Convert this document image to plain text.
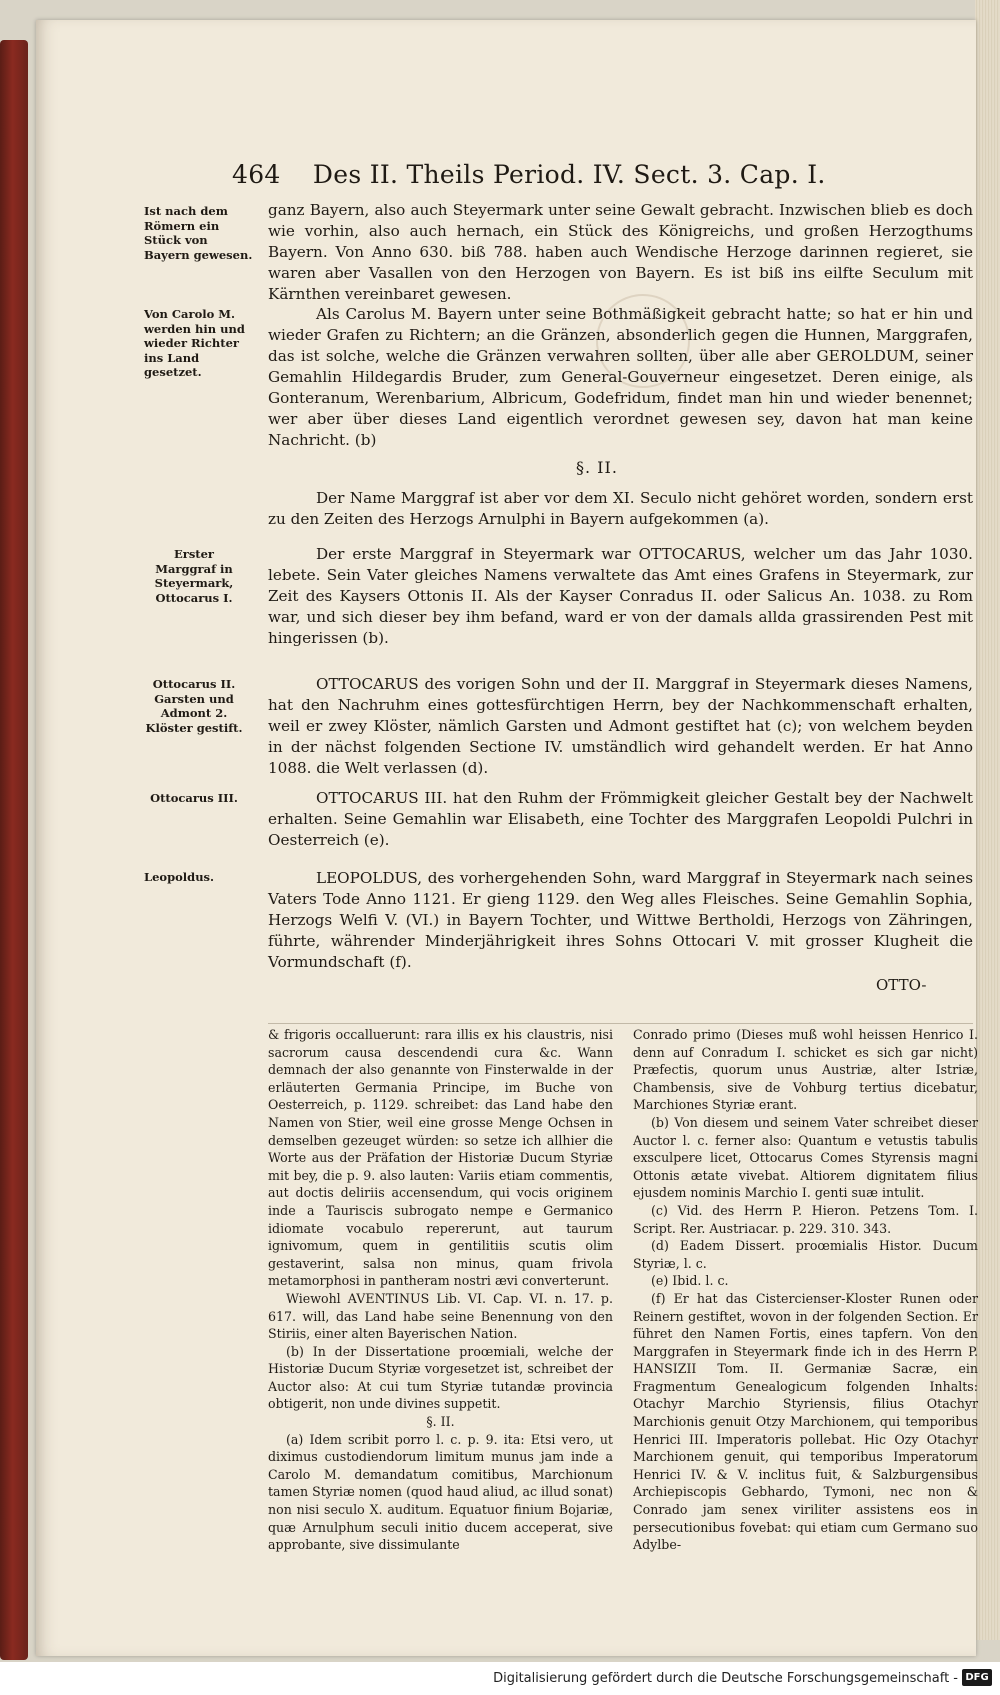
464 Des II. Theils Period. IV. Sect. 3. Cap. I.
Ist nach dem Römern ein Stück von Bayern gewesen.
Von Carolo M. werden hin und wieder Richter ins Land gesetzet.
Erster Marggraf in Steyermark, Ottocarus I.
Ottocarus II. Garsten und Admont 2. Klöster gestift.
Ottocarus III.
Leopoldus.
ganz Bayern, also auch Steyermark unter seine Gewalt gebracht. Inzwischen blieb es doch wie vorhin, also auch hernach, ein Stück des Königreichs, und großen Herzogthums Bayern. Von Anno 630. biß 788. haben auch Wendische Herzoge darinnen regieret, sie waren aber Vasallen von den Herzogen von Bayern. Es ist biß ins eilfte Seculum mit Kärnthen vereinbaret gewesen.
Als Carolus M. Bayern unter seine Bothmäßigkeit gebracht hatte; so hat er hin und wieder Grafen zu Richtern; an die Gränzen, absonderlich gegen die Hunnen, Marggrafen, das ist solche, welche die Gränzen verwahren sollten, über alle aber GEROLDUM, seiner Gemahlin Hildegardis Bruder, zum General-Gouverneur eingesetzet. Deren einige, als Gonteranum, Werenbarium, Albricum, Godefridum, findet man hin und wieder benennet; wer aber über dieses Land eigentlich verordnet gewesen sey, davon hat man keine Nachricht. (b)
§. II.
Der Name Marggraf ist aber vor dem XI. Seculo nicht gehöret worden, sondern erst zu den Zeiten des Herzogs Arnulphi in Bayern aufgekommen (a).
Der erste Marggraf in Steyermark war OTTOCARUS, welcher um das Jahr 1030. lebete. Sein Vater gleiches Namens verwaltete das Amt eines Grafens in Steyermark, zur Zeit des Kaysers Ottonis II. Als der Kayser Conradus II. oder Salicus An. 1038. zu Rom war, und sich dieser bey ihm befand, ward er von der damals allda grassirenden Pest mit hingerissen (b).
OTTOCARUS des vorigen Sohn und der II. Marggraf in Steyermark dieses Namens, hat den Nachruhm eines gottesfürchtigen Herrn, bey der Nachkommenschaft erhalten, weil er zwey Klöster, nämlich Garsten und Admont gestiftet hat (c); von welchem beyden in der nächst folgenden Sectione IV. umständlich wird gehandelt werden. Er hat Anno 1088. die Welt verlassen (d).
OTTOCARUS III. hat den Ruhm der Frömmigkeit gleicher Gestalt bey der Nachwelt erhalten. Seine Gemahlin war Elisabeth, eine Tochter des Marggrafen Leopoldi Pulchri in Oesterreich (e).
LEOPOLDUS, des vorhergehenden Sohn, ward Marggraf in Steyermark nach seines Vaters Tode Anno 1121. Er gieng 1129. den Weg alles Fleisches. Seine Gemahlin Sophia, Herzogs Welfi V. (VI.) in Bayern Tochter, und Wittwe Bertholdi, Herzogs von Zähringen, führte, währender Minderjährigkeit ihres Sohns Ottocari V. mit grosser Klugheit die Vormundschaft (f).
OTTO-

& frigoris occalluerunt: rara illis ex his claustris, nisi sacrorum causa descendendi cura &c. Wann demnach der also genannte von Finsterwalde in der erläuterten Germania Principe, im Buche von Oesterreich, p. 1129. schreibet: das Land habe den Namen von Stier, weil eine grosse Menge Ochsen in demselben gezeuget würden: so setze ich allhier die Worte aus der Präfation der Historiæ Ducum Styriæ mit bey, die p. 9. also lauten: Variis etiam commentis, aut doctis deliriis accensendum, qui vocis originem inde a Tauriscis subrogato nempe e Germanico idiomate vocabulo repererunt, aut taurum ignivomum, quem in gentilitiis scutis olim gestaverint, salsa non minus, quam frivola metamorphosi in pantheram nostri ævi converterunt.

Wiewohl AVENTINUS Lib. VI. Cap. VI. n. 17. p. 617. will, das Land habe seine Benennung von den Stiriis, einer alten Bayerischen Nation.

(b) In der Dissertatione proœmiali, welche der Historiæ Ducum Styriæ vorgesetzet ist, schreibet der Auctor also: At cui tum Styriæ tutandæ provincia obtigerit, non unde divines suppetit.

§. II.

(a) Idem scribit porro l. c. p. 9. ita: Etsi vero, ut diximus custodiendorum limitum munus jam inde a Carolo M. demandatum comitibus, Marchionum tamen Styriæ nomen (quod haud aliud, ac illud sonat) non nisi seculo X. auditum. Equatuor finium Bojariæ, quæ Arnulphum seculi initio ducem acceperat, sive approbante, sive dissimulante

Conrado primo (Dieses muß wohl heissen Henrico I. denn auf Conradum I. schicket es sich gar nicht) Præfectis, quorum unus Austriæ, alter Istriæ, Chambensis, sive de Vohburg tertius dicebatur, Marchiones Styriæ erant.

(b) Von diesem und seinem Vater schreibet dieser Auctor l. c. ferner also: Quantum e vetustis tabulis exsculpere licet, Ottocarus Comes Styrensis magni Ottonis ætate vivebat. Altiorem dignitatem filius ejusdem nominis Marchio I. genti suæ intulit.

(c) Vid. des Herrn P. Hieron. Petzens Tom. I. Script. Rer. Austriacar. p. 229. 310. 343.

(d) Eadem Dissert. proœmialis Histor. Ducum Styriæ, l. c.

(e) Ibid. l. c.

(f) Er hat das Cistercienser-Kloster Runen oder Reinern gestiftet, wovon in der folgenden Section. Er führet den Namen Fortis, eines tapfern. Von den Marggrafen in Steyermark finde ich in des Herrn P. HANSIZII Tom. II. Germaniæ Sacræ, ein Fragmentum Genealogicum folgenden Inhalts: Otachyr Marchio Styriensis, filius Otachyr Marchionis genuit Otzy Marchionem, qui temporibus Henrici III. Imperatoris pollebat. Hic Ozy Otachyr Marchionem genuit, qui temporibus Imperatorum Henrici IV. & V. inclitus fuit, & Salzburgensibus Archiepiscopis Gebhardo, Tymoni, nec non & Conrado jam senex viriliter assistens eos in persecutionibus fovebat: qui etiam cum Germano suo Adylbe-

Digitalisierung gefördert durch die Deutsche Forschungsgemeinschaft - DFG
